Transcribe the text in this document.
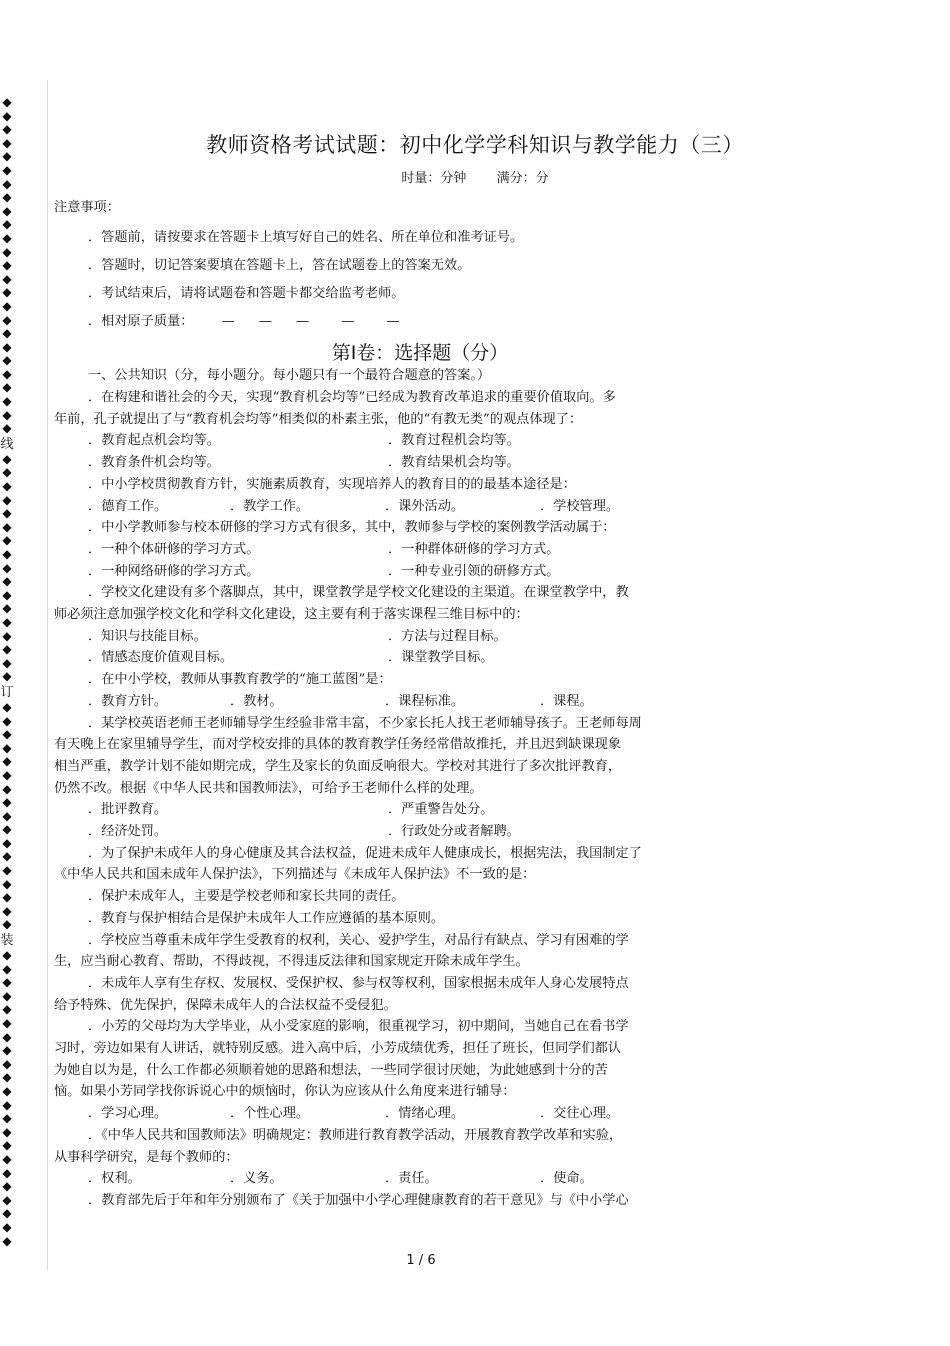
◆
◆
◆
◆
◆
◆
◆
◆
◆
◆
◆
◆
◆
◆
◆
◆
◆
◆
◆
◆
◆
◆
◆
◆
◆
线
◆
◆
◆
◆
◆
◆
◆
◆
◆
◆
◆
◆
◆
◆
◆
◆
◆
订
◆
◆
◆
◆
◆
◆
◆
◆
◆
◆
◆
◆
◆
◆
◆
◆
◆
装
◆
◆
◆
◆
◆
◆
◆
◆
◆
◆
◆
◆
◆
◆
◆
◆
◆
◆
◆
◆
◆
◆
教师资格考试试题：初中化学学科知识与教学能力（三）
时量：分钟 满分：分
注意事项：
．答题前，请按要求在答题卡上填写好自己的姓名、所在单位和准考证号。
．答题时，切记答案要填在答题卡上，答在试题卷上的答案无效。
．考试结束后，请将试题卷和答题卡都交给监考老师。
．相对原子质量： — — — — —
第Ⅰ卷：选择题（分）
一、公共知识（分，每小题分。每小题只有一个最符合题意的答案。）
．在构建和谐社会的今天，实现“教育机会均等”已经成为教育改革追求的重要价值取向。多
年前，孔子就提出了与“教育机会均等”相类似的朴素主张，他的“有教无类”的观点体现了：
．教育起点机会均等。	．教育过程机会均等。
．教育条件机会均等。	．教育结果机会均等。
．中小学校贯彻教育方针，实施素质教育，实现培养人的教育目的的最基本途径是：
．德育工作。	．教学工作。	．课外活动。	．学校管理。
．中小学教师参与校本研修的学习方式有很多，其中，教师参与学校的案例教学活动属于：
．一种个体研修的学习方式。	．一种群体研修的学习方式。
．一种网络研修的学习方式。	．一种专业引领的研修方式。
．学校文化建设有多个落脚点，其中，课堂教学是学校文化建设的主渠道。在课堂教学中，教
师必须注意加强学校文化和学科文化建设，这主要有利于落实课程三维目标中的：
．知识与技能目标。	．方法与过程目标。
．情感态度价值观目标。	．课堂教学目标。
．在中小学校，教师从事教育教学的“施工蓝图”是：
．教育方针。	．教材。	．课程标准。	．课程。
．某学校英语老师王老师辅导学生经验非常丰富，不少家长托人找王老师辅导孩子。王老师每周
有天晚上在家里辅导学生，而对学校安排的具体的教育教学任务经常借故推托，并且迟到缺课现象
相当严重，教学计划不能如期完成，学生及家长的负面反响很大。学校对其进行了多次批评教育，
仍然不改。根据《中华人民共和国教师法》，可给予王老师什么样的处理。
．批评教育。	．严重警告处分。
．经济处罚。	．行政处分或者解聘。
．为了保护未成年人的身心健康及其合法权益，促进未成年人健康成长，根据宪法，我国制定了
《中华人民共和国未成年人保护法》，下列描述与《未成年人保护法》不一致的是：
．保护未成年人，主要是学校老师和家长共同的责任。
．教育与保护相结合是保护未成年人工作应遵循的基本原则。
．学校应当尊重未成年学生受教育的权利，关心、爱护学生，对品行有缺点、学习有困难的学
生，应当耐心教育、帮助，不得歧视，不得违反法律和国家规定开除未成年学生。
．未成年人享有生存权、发展权、受保护权、参与权等权利，国家根据未成年人身心发展特点
给予特殊、优先保护，保障未成年人的合法权益不受侵犯。
．小芳的父母均为大学毕业，从小受家庭的影响，很重视学习，初中期间，当她自己在看书学
习时，旁边如果有人讲话，就特别反感。进入高中后，小芳成绩优秀，担任了班长，但同学们都认
为她自以为是，什么工作都必须顺着她的思路和想法，一些同学很讨厌她，为此她感到十分的苦
恼。如果小芳同学找你诉说心中的烦恼时，你认为应该从什么角度来进行辅导：
．学习心理。	．个性心理。	．情绪心理。	．交往心理。
．《中华人民共和国教师法》明确规定：教师进行教育教学活动，开展教育教学改革和实验，
从事科学研究，是每个教师的：
．权利。	．义务。	．责任。	．使命。
．教育部先后于年和年分别颁布了《关于加强中小学心理健康教育的若干意见》与《中小学心
1 / 6
